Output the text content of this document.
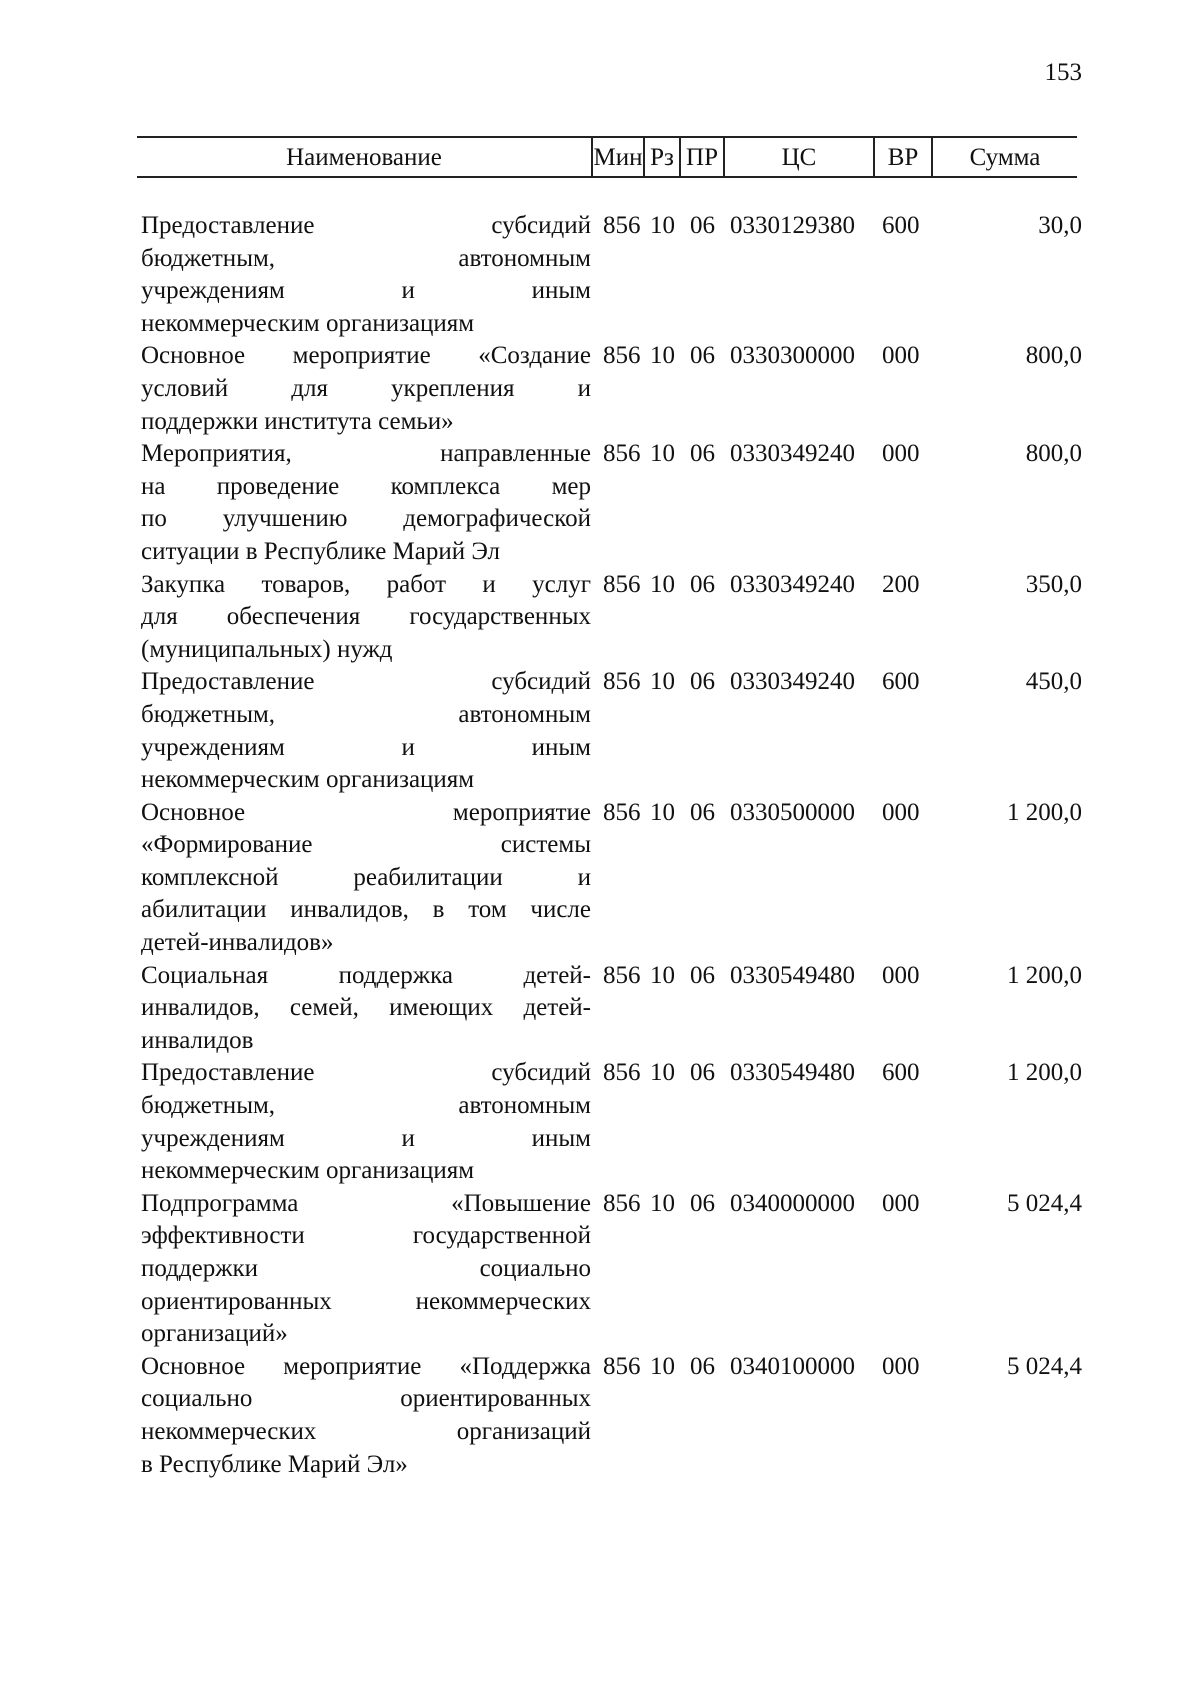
153
Наименование	Мин Рз ПР	ЦС	ВР	Сумма
Предоставление субсидий
бюджетным, автономным
учреждениям и иным
некоммерческим организациям
856 10 06 0330129380 600	30,0
Основное мероприятие «Создание
условий для укрепления и
поддержки института семьи»
856 10 06 0330300000 000	800,0
Мероприятия, направленные
на проведение комплекса мер
по улучшению демографической
ситуации в Республике Марий Эл
856 10 06 0330349240 000	800,0
Закупка товаров, работ и услуг
для обеспечения государственных
(муниципальных) нужд
856 10 06 0330349240 200	350,0
Предоставление субсидий
бюджетным, автономным
учреждениям и иным
некоммерческим организациям
856 10 06 0330349240 600	450,0
Основное мероприятие
«Формирование системы
комплексной реабилитации и
абилитации инвалидов, в том числе
детей-инвалидов»
856 10 06 0330500000 000	1 200,0
Социальная поддержка детей-
инвалидов, семей, имеющих детей-
инвалидов
856 10 06 0330549480 000	1 200,0
Предоставление субсидий
бюджетным, автономным
учреждениям и иным
некоммерческим организациям
856 10 06 0330549480 600	1 200,0
Подпрограмма «Повышение
эффективности государственной
поддержки социально
ориентированных некоммерческих
организаций»
856 10 06 0340000000 000	5 024,4
Основное мероприятие «Поддержка
социально ориентированных
некоммерческих организаций
в Республике Марий Эл»
856 10 06 0340100000 000	5 024,4
